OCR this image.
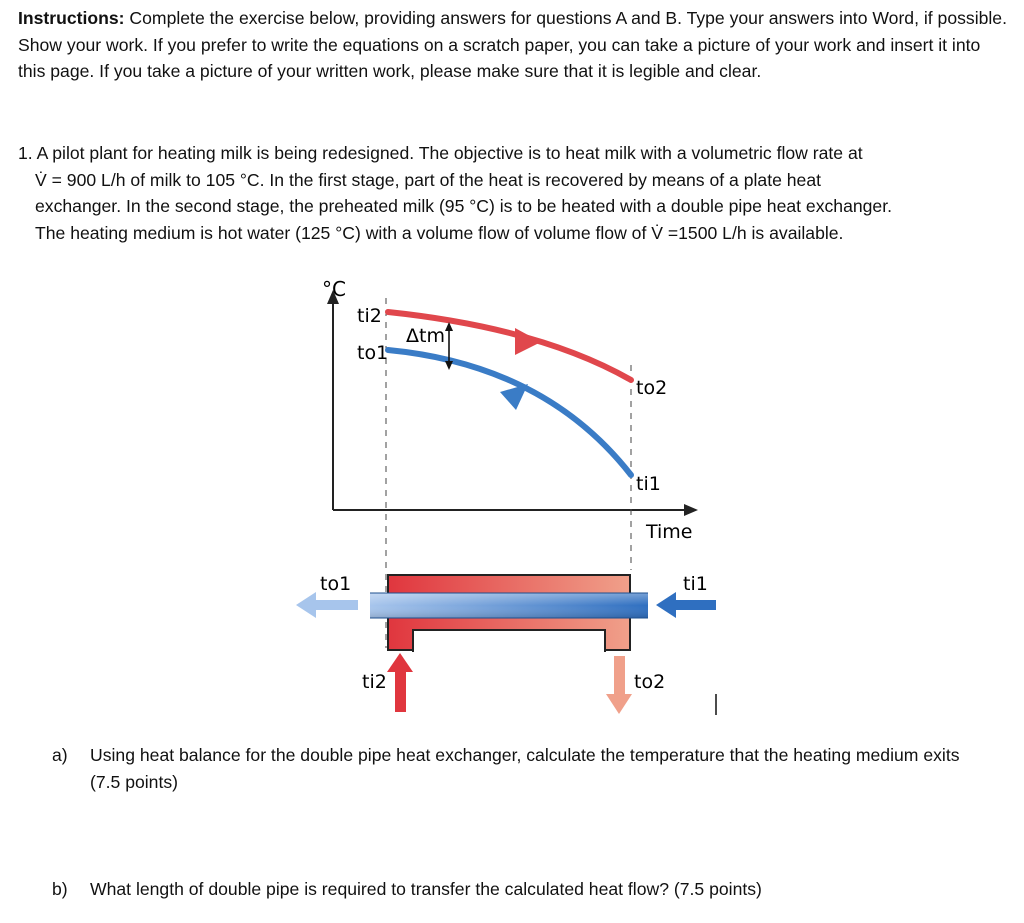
Instructions: Complete the exercise below, providing answers for questions A and B. Type your answers into Word, if possible. Show your work. If you prefer to write the equations on a scratch paper, you can take a picture of your work and insert it into this page. If you take a picture of your written work, please make sure that it is legible and clear.
1. A pilot plant for heating milk is being redesigned. The objective is to heat milk with a volumetric flow rate at
V̇ = 900 L/h of milk to 105 °C. In the first stage, part of the heat is recovered by means of a plate heat
exchanger. In the second stage, the preheated milk (95 °C) is to be heated with a double pipe heat exchanger.
The heating medium is hot water (125 °C) with a volume flow of volume flow of V̇ =1500 L/h is available.
°C
Time
ti2
to1
Δtm
to2
ti1
to1	ti1
ti2	to2
a) Using heat balance for the double pipe heat exchanger, calculate the temperature that the heating medium exits (7.5 points)
b) What length of double pipe is required to transfer the calculated heat flow? (7.5 points)
